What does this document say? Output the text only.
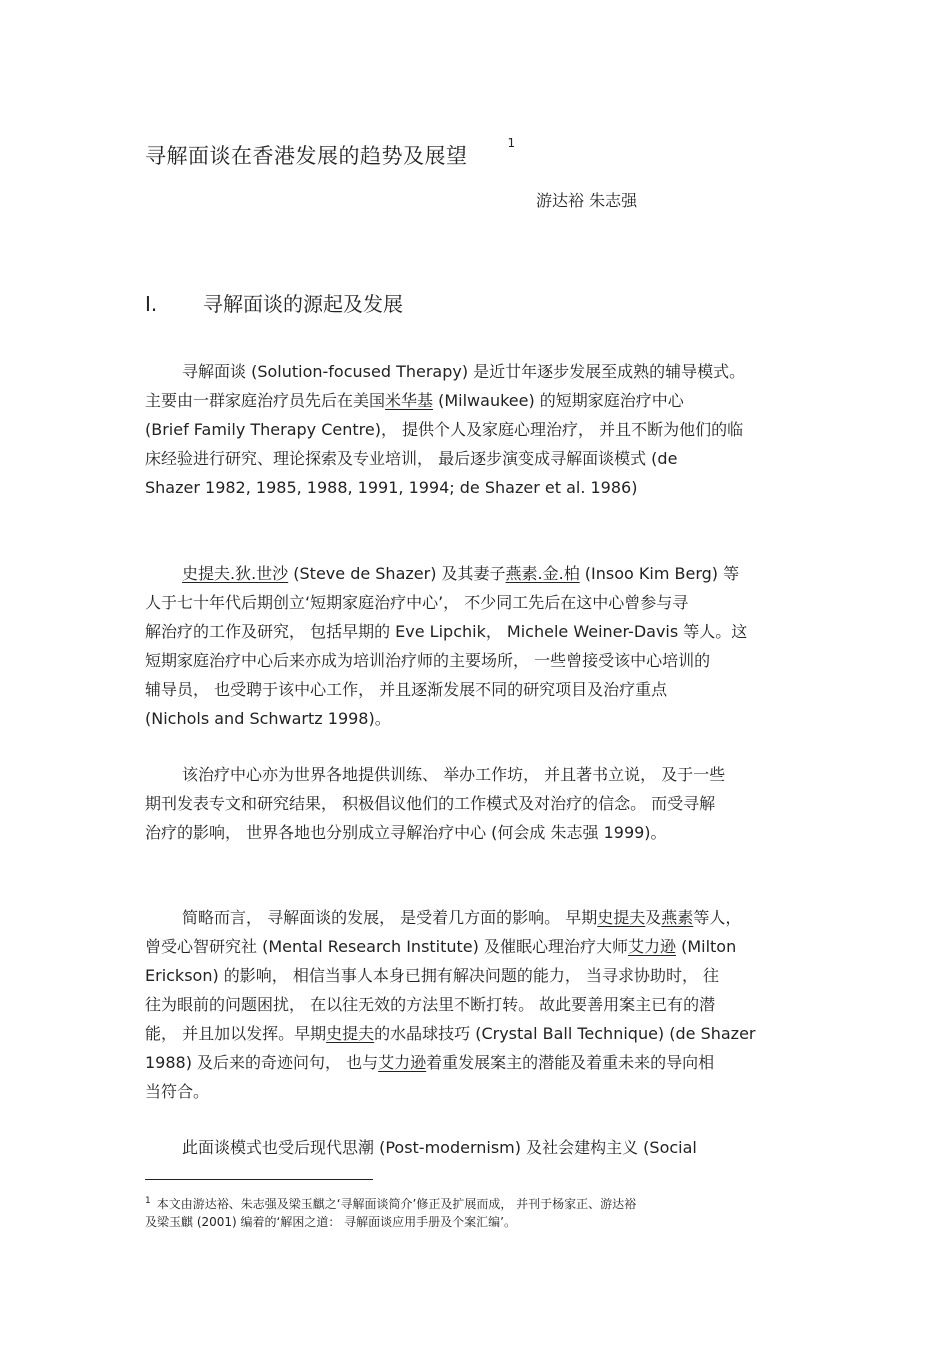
寻解面谈在香港发展的趋势及展望$^1$
游达裕 朱志强
I. 寻解面谈的源起及发展
寻解面谈 (Solution-focused Therapy) 是近廿年逐步发展至成熟的辅导模式。
主要由一群家庭治疗员先后在美国米华基 (Milwaukee) 的短期家庭治疗中心
(Brief Family Therapy Centre)， 提供个人及家庭心理治疗， 并且不断为他们的临
床经验进行研究、理论探索及专业培训， 最后逐步演变成寻解面谈模式 (de
Shazer 1982, 1985, 1988, 1991, 1994; de Shazer et al. 1986)
史提夫.狄.世沙 (Steve de Shazer) 及其妻子燕素.金.柏 (Insoo Kim Berg) 等
人于七十年代后期创立‘短期家庭治疗中心’， 不少同工先后在这中心曾参与寻
解治疗的工作及研究， 包括早期的 Eve Lipchik， Michele Weiner-Davis 等人。这
短期家庭治疗中心后来亦成为培训治疗师的主要场所， 一些曾接受该中心培训的
辅导员， 也受聘于该中心工作， 并且逐渐发展不同的研究项目及治疗重点
(Nichols and Schwartz 1998)。
该治疗中心亦为世界各地提供训练、 举办工作坊， 并且著书立说， 及于一些
期刊发表专文和研究结果， 积极倡议他们的工作模式及对治疗的信念。 而受寻解
治疗的影响， 世界各地也分别成立寻解治疗中心 (何会成 朱志强 1999)。
简略而言， 寻解面谈的发展， 是受着几方面的影响。 早期史提夫及燕素等人，
曾受心智研究社 (Mental Research Institute) 及催眠心理治疗大师艾力逊 (Milton
Erickson) 的影响， 相信当事人本身已拥有解决问题的能力， 当寻求协助时， 往
往为眼前的问题困扰， 在以往无效的方法里不断打转。 故此要善用案主已有的潜
能， 并且加以发挥。早期史提夫的水晶球技巧 (Crystal Ball Technique) (de Shazer
1988) 及后来的奇迹问句， 也与艾力逊着重发展案主的潜能及着重未来的导向相
当符合。
此面谈模式也受后现代思潮 (Post-modernism) 及社会建构主义 (Social
$^1$ 本文由游达裕、朱志强及梁玉麒之‘寻解面谈简介’修正及扩展而成， 并刊于杨家正、游达裕
及梁玉麒 (2001) 编着的‘解困之道： 寻解面谈应用手册及个案汇编’。
